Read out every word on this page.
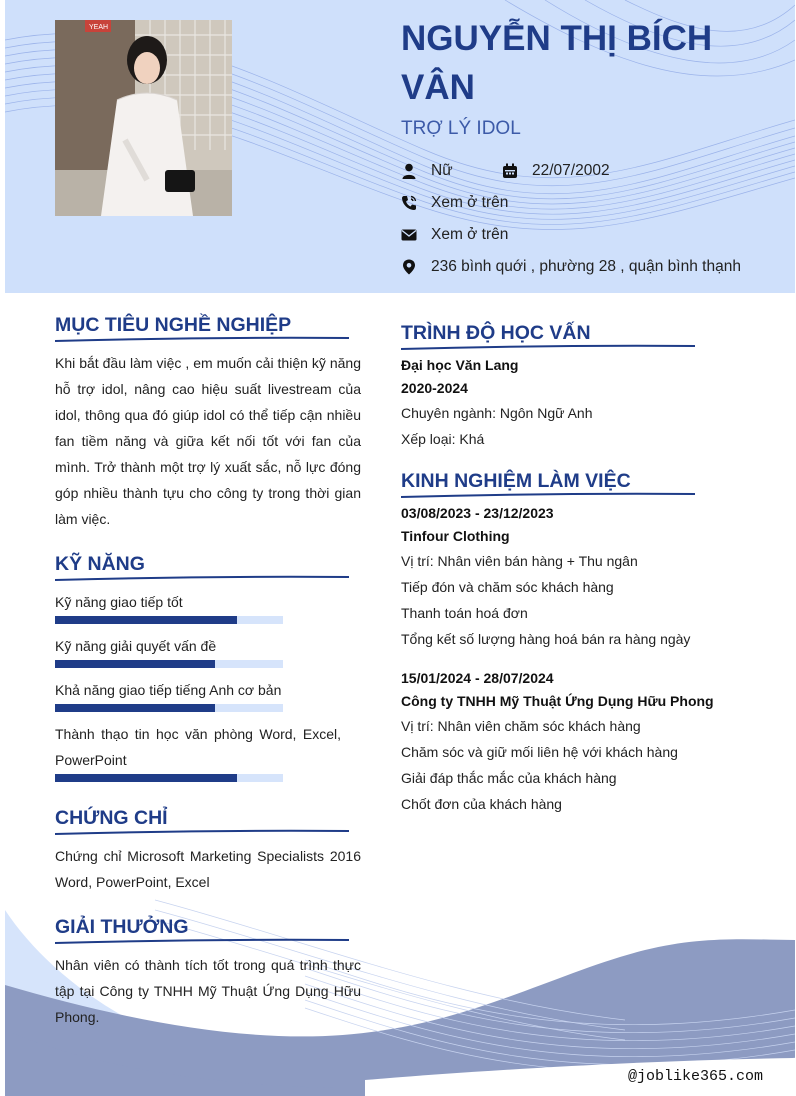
YEAH	NGUYỄN THỊ BÍCH VÂN
TRỢ LÝ IDOL
Nữ	22/07/2002
Xem ở trên
Xem ở trên
236 bình quới , phường 28 , quận bình thạnh
MỤC TIÊU NGHỀ NGHIỆP
Khi bắt đầu làm việc , em muốn cải thiện kỹ năng hỗ trợ idol, nâng cao hiệu suất livestream của idol, thông qua đó giúp idol có thể tiếp cận nhiều fan tiềm năng và giữa kết nối tốt với fan của mình. Trở thành một trợ lý xuất sắc, nỗ lực đóng góp nhiều thành tựu cho công ty trong thời gian làm việc.
KỸ NĂNG
Kỹ năng giao tiếp tốt
Kỹ năng giải quyết vấn đề
Khả năng giao tiếp tiếng Anh cơ bản
Thành thạo tin học văn phòng Word, Excel, PowerPoint
CHỨNG CHỈ
Chứng chỉ Microsoft Marketing Specialists 2016 Word, PowerPoint, Excel
GIẢI THƯỞNG
Nhân viên có thành tích tốt trong quá trình thực tập tại Công ty TNHH Mỹ Thuật Ứng Dụng Hữu Phong.
TRÌNH ĐỘ HỌC VẤN
Đại học Văn Lang
2020-2024
Chuyên ngành: Ngôn Ngữ Anh
Xếp loại: Khá
KINH NGHIỆM LÀM VIỆC
03/08/2023 - 23/12/2023
Tinfour Clothing
Vị trí: Nhân viên bán hàng + Thu ngân
Tiếp đón và chăm sóc khách hàng
Thanh toán hoá đơn
Tổng kết số lượng hàng hoá bán ra hàng ngày
15/01/2024 - 28/07/2024
Công ty TNHH Mỹ Thuật Ứng Dụng Hữu Phong
Vị trí: Nhân viên chăm sóc khách hàng
Chăm sóc và giữ mối liên hệ với khách hàng
Giải đáp thắc mắc của khách hàng
Chốt đơn của khách hàng
@joblike365.com
